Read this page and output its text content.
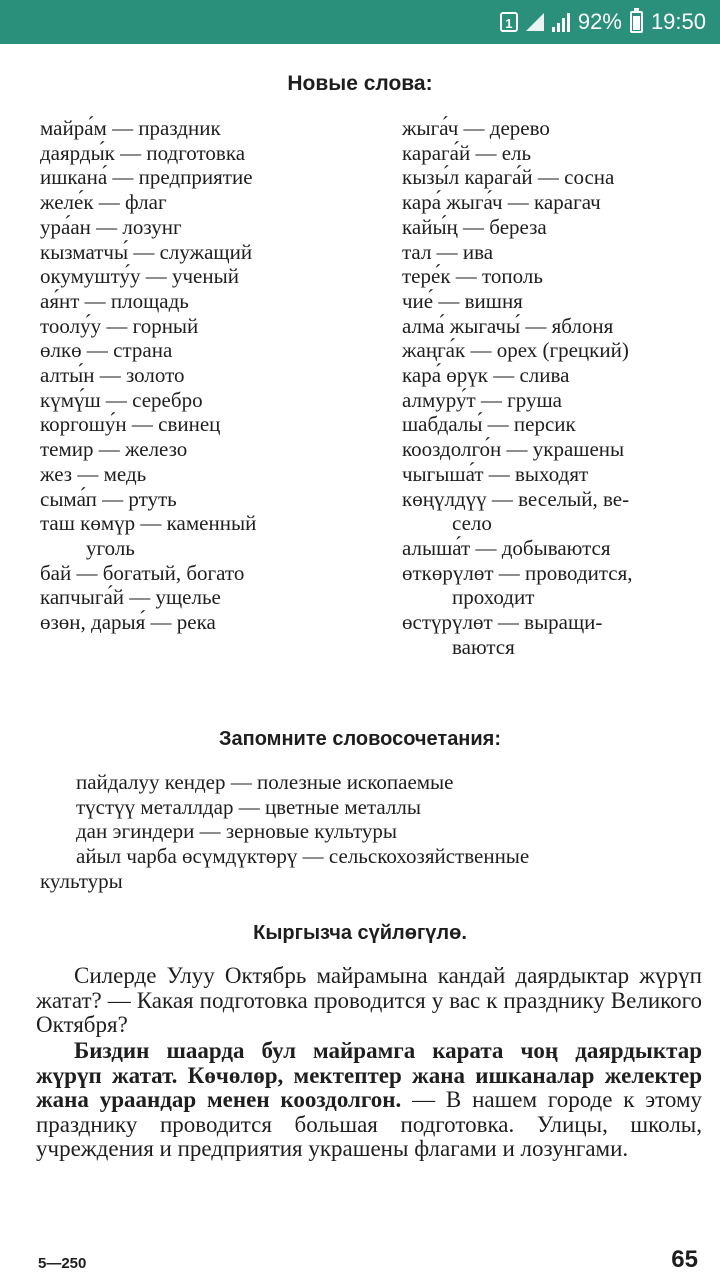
1	92% 19:50
Новые слова:
майра́м — праздник
даярды́к — подготовка
ишкана́ — предприятие
желе́к — флаг
ура́ан — лозунг
кызматчы́ — служащий
окумушту́у — ученый
ая́нт — площадь
тоолу́у — горный
өлкө — страна
алты́н — золото
күмү́ш — серебро
коргошу́н — свинец
темир — железо
жез — медь
сыма́п — ртуть
таш көмүр — каменный
уголь
бай — богатый, богато
капчыга́й — ущелье
өзөн, дарыя́ — река
жыга́ч — дерево
карага́й — ель
кызы́л карага́й — сосна
кара́ жыга́ч — карагач
кайы́ң — береза
тал — ива
тере́к — тополь
чие́ — вишня
алма́ жыгачы́ — яблоня
жаңга́к — орех (грецкий)
кара́ өрүк — слива
алмуру́т — груша
шабдалы́ — персик
кооздолго́н — украшены
чыгыша́т — выходят
көңүлдүү — веселый, ве-
село
алыша́т — добываются
өткөрүлөт — проводится,
проходит
өстүрүлөт — выращи-
ваются
Запомните словосочетания:
пайдалуу кендер — полезные ископаемые
түстүү металлдар — цветные металлы
дан эгиндери — зерновые культуры
айыл чарба өсүмдүктөрү — сельскохозяйственные
культуры
Кыргызча сүйлөгүлө.
Силерде Улуу Октябрь майрамына кандай даярдыктар жүрүп жатат? — Какая подготовка проводится у вас к празднику Великого Октября?
Биздин шаарда бул майрамга карата чоң даярдыктар жүрүп жатат. Көчөлөр, мектептер жана ишканалар желектер жана ураандар менен кооздолгон. — В нашем городе к этому празднику проводится большая подготовка. Улицы, школы, учреждения и предприятия украшены флагами и лозунгами.
5—250	65
